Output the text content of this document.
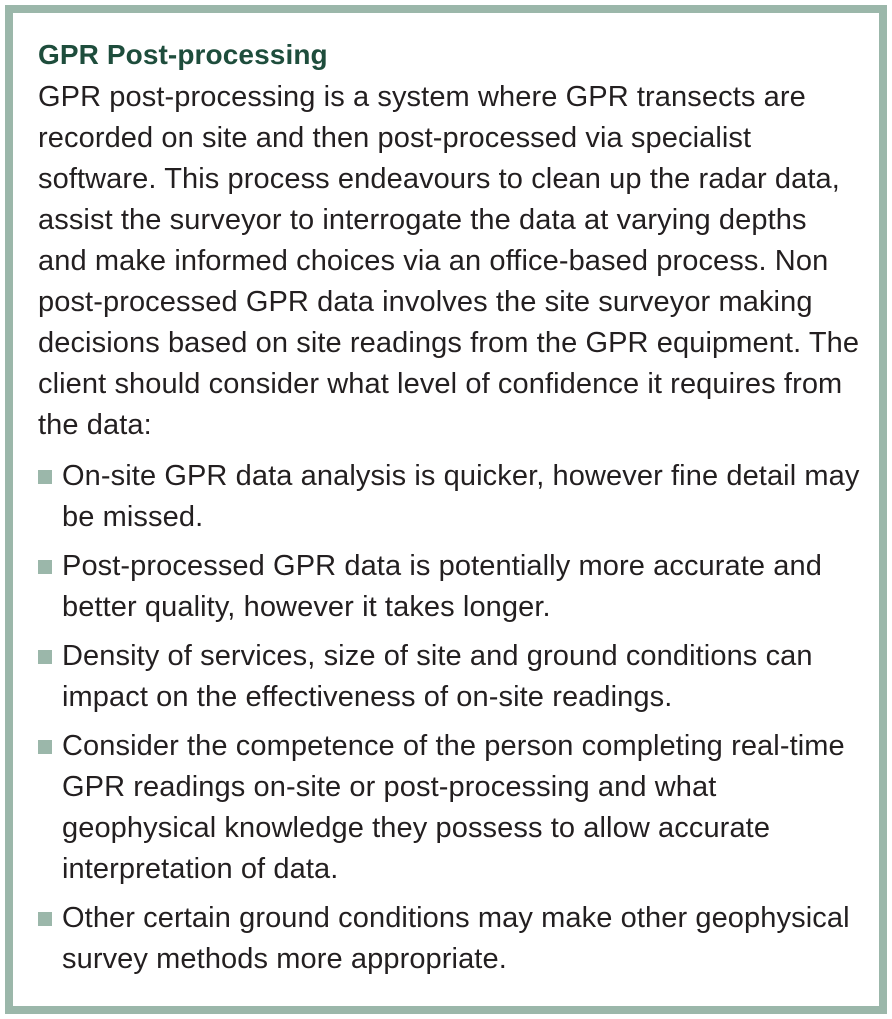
GPR Post-processing

GPR post-processing is a system where GPR transects are recorded on site and then post-processed via specialist software. This process endeavours to clean up the radar data, assist the surveyor to interrogate the data at varying depths and make informed choices via an office-based process. Non post-processed GPR data involves the site surveyor making decisions based on site readings from the GPR equipment. The client should consider what level of confidence it requires from the data:

On-site GPR data analysis is quicker, however fine detail may be missed.
Post-processed GPR data is potentially more accurate and better quality, however it takes longer.
Density of services, size of site and ground conditions can impact on the effectiveness of on-site readings.
Consider the competence of the person completing real-time GPR readings on-site or post-processing and what geophysical knowledge they possess to allow accurate interpretation of data.
Other certain ground conditions may make other geophysical survey methods more appropriate.
